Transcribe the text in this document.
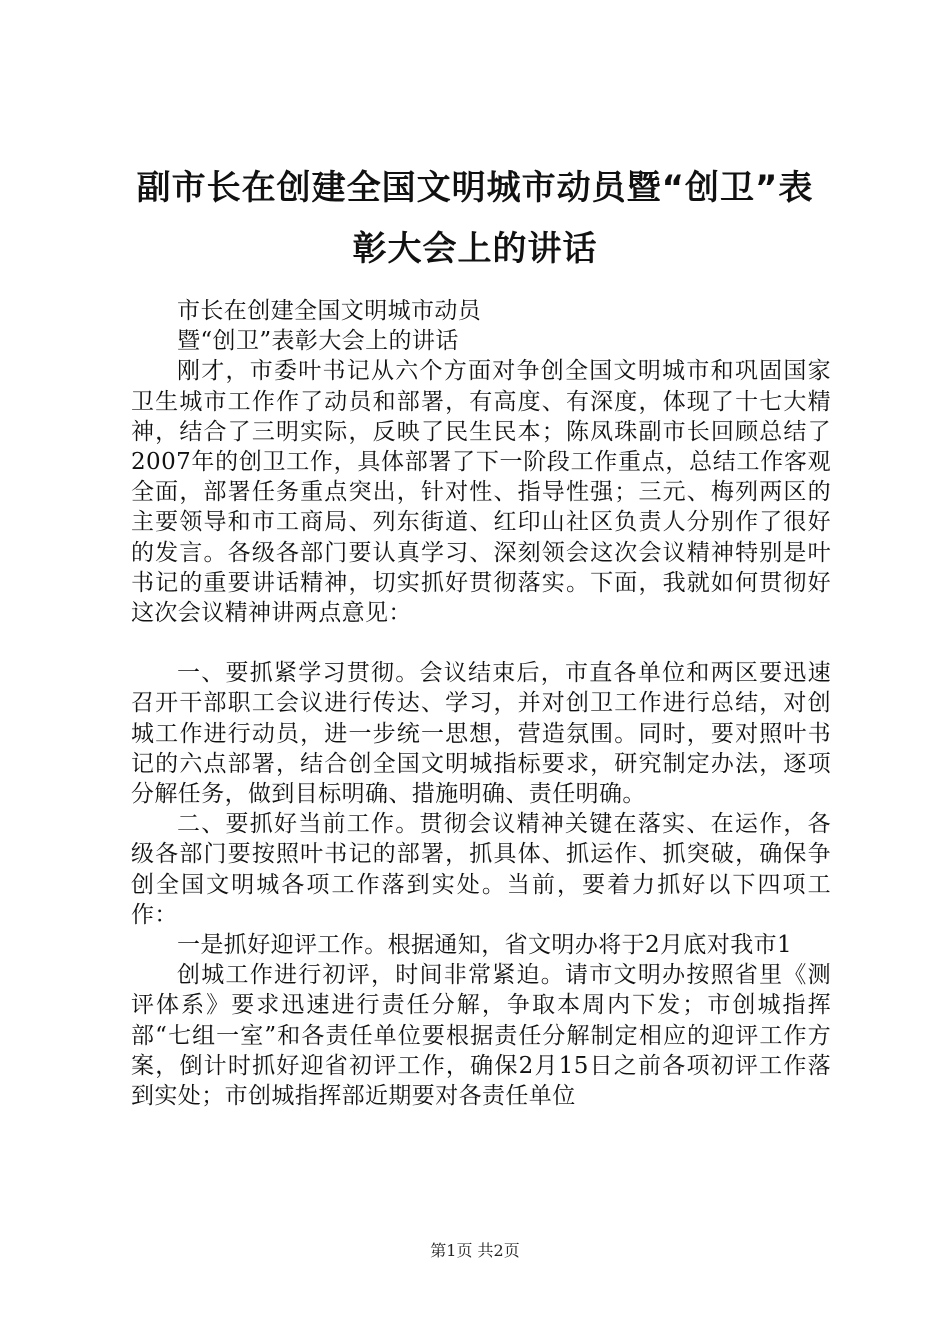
副市长在创建全国文明城市动员暨“创卫”表
彰大会上的讲话

市长在创建全国文明城市动员

暨“创卫”表彰大会上的讲话

刚才，市委叶书记从六个方面对争创全国文明城市和巩固国家卫生城市工作作了动员和部署，有高度、有深度，体现了十七大精神，结合了三明实际，反映了民生民本；陈凤珠副市长回顾总结了2007年的创卫工作，具体部署了下一阶段工作重点，总结工作客观全面，部署任务重点突出，针对性、指导性强；三元、梅列两区的主要领导和市工商局、列东街道、红印山社区负责人分别作了很好的发言。各级各部门要认真学习、深刻领会这次会议精神特别是叶书记的重要讲话精神，切实抓好贯彻落实。下面，我就如何贯彻好这次会议精神讲两点意见：

一、要抓紧学习贯彻。会议结束后，市直各单位和两区要迅速召开干部职工会议进行传达、学习，并对创卫工作进行总结，对创城工作进行动员，进一步统一思想，营造氛围。同时，要对照叶书记的六点部署，结合创全国文明城指标要求，研究制定办法，逐项分解任务，做到目标明确、措施明确、责任明确。

二、要抓好当前工作。贯彻会议精神关键在落实、在运作，各级各部门要按照叶书记的部署，抓具体、抓运作、抓突破，确保争创全国文明城各项工作落到实处。当前，要着力抓好以下四项工作：

一是抓好迎评工作。根据通知，省文明办将于2月底对我市1

创城工作进行初评，时间非常紧迫。请市文明办按照省里《测评体系》要求迅速进行责任分解，争取本周内下发；市创城指挥部“七组一室”和各责任单位要根据责任分解制定相应的迎评工作方案，倒计时抓好迎省初评工作，确保2月15日之前各项初评工作落到实处；市创城指挥部近期要对各责任单位

第1页 共2页
